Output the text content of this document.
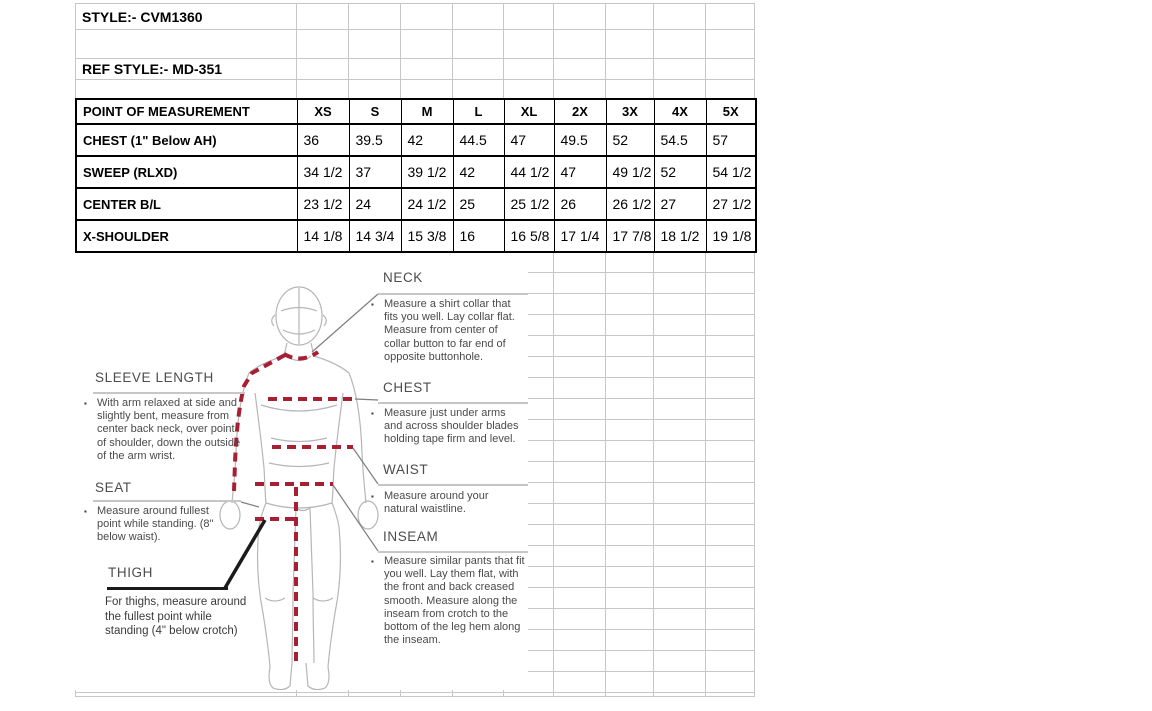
STYLE:- CVM1360
REF STYLE:- MD-351
POINT OF MEASUREMENT	XS	S	M	L	XL	2X	3X	4X	5X
CHEST (1" Below AH)	36	39.5	42	44.5	47	49.5	52	54.5	57
SWEEP (RLXD)	34 1/2	37	39 1/2	42	44 1/2	47	49 1/2	52	54 1/2
CENTER B/L	23 1/2	24	24 1/2	25	25 1/2	26	26 1/2	27	27 1/2
X-SHOULDER	14 1/8	14 3/4	15 3/8	16	16 5/8	17 1/4	17 7/8	18 1/2	19 1/8
NECK
▪ Measure a shirt collar that fits you well. Lay collar flat. Measure from center of collar button to far end of opposite buttonhole.
CHEST
▪ Measure just under arms and across shoulder blades holding tape firm and level.
WAIST
▪ Measure around your natural waistline.
INSEAM
▪ Measure similar pants that fit you well. Lay them flat, with the front and back creased smooth. Measure along the inseam from crotch to the bottom of the leg hem along the inseam.
SLEEVE LENGTH
▪ With arm relaxed at side and slightly bent, measure from center back neck, over point of shoulder, down the outside of the arm wrist.
SEAT
▪ Measure around fullest point while standing. (8" below waist).
THIGH
For thighs, measure around the fullest point while standing (4" below crotch)
